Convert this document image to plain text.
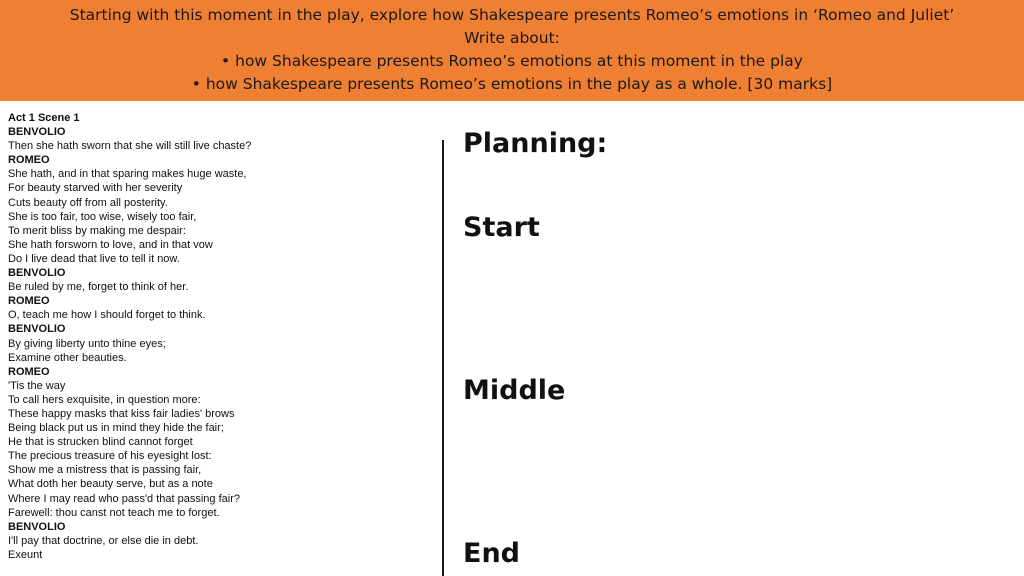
Starting with this moment in the play, explore how Shakespeare presents Romeo’s emotions in ‘Romeo and Juliet’
Write about:
• how Shakespeare presents Romeo’s emotions at this moment in the play
• how Shakespeare presents Romeo’s emotions in the play as a whole. [30 marks]
Act 1 Scene 1
BENVOLIO
Then she hath sworn that she will still live chaste?
ROMEO
She hath, and in that sparing makes huge waste,
For beauty starved with her severity
Cuts beauty off from all posterity.
She is too fair, too wise, wisely too fair,
To merit bliss by making me despair:
She hath forsworn to love, and in that vow
Do I live dead that live to tell it now.
BENVOLIO
Be ruled by me, forget to think of her.
ROMEO
O, teach me how I should forget to think.
BENVOLIO
By giving liberty unto thine eyes;
Examine other beauties.
ROMEO
'Tis the way
To call hers exquisite, in question more:
These happy masks that kiss fair ladies' brows
Being black put us in mind they hide the fair;
He that is strucken blind cannot forget
The precious treasure of his eyesight lost:
Show me a mistress that is passing fair,
What doth her beauty serve, but as a note
Where I may read who pass'd that passing fair?
Farewell: thou canst not teach me to forget.
BENVOLIO
I'll pay that doctrine, or else die in debt.
Exeunt
Planning:
Start
Middle
End
